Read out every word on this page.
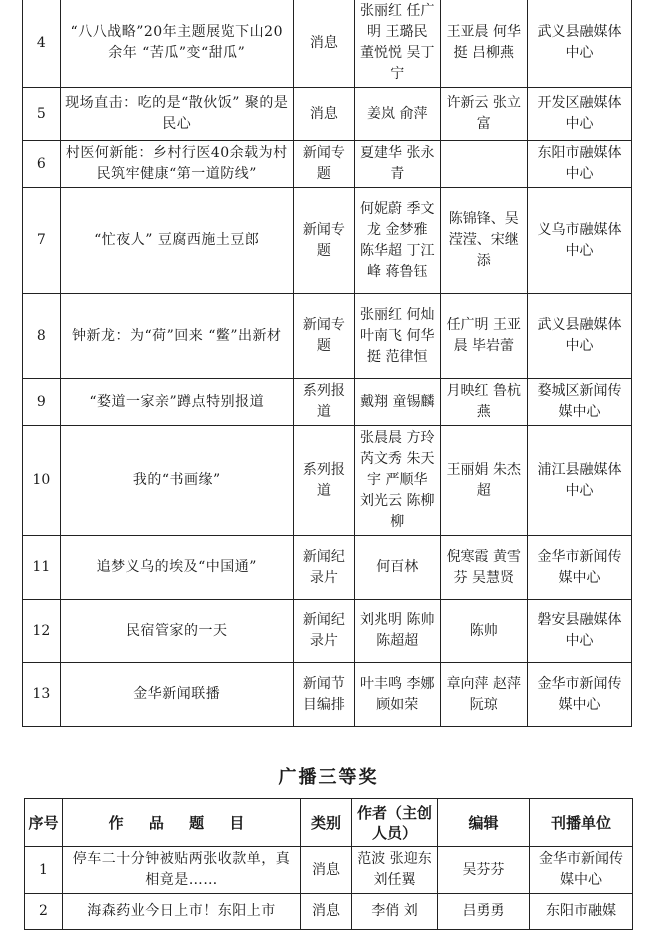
4	“八八战略”20年主题展览下山20余年 “苦瓜”变“甜瓜”	消息	张丽红 任广明 王璐民 董悦悦 吴丁宁	王亚晨 何华挺 吕柳燕	武义县融媒体中心
5	现场直击：吃的是“散伙饭” 聚的是民心	消息	姜岚 俞萍	许新云 张立富	开发区融媒体中心
6	村医何新能：乡村行医40余载为村民筑牢健康“第一道防线”	新闻专题	夏建华 张永青		东阳市融媒体中心
7	“忙夜人” 豆腐西施土豆郎	新闻专题	何妮蔚 季文龙 金梦雅 陈华超 丁江峰 蒋鲁钰	陈锦锋、吴滢滢、宋继添	义乌市融媒体中心
8	钟新龙：为“荷”回来 “鳖”出新材	新闻专题	张丽红 何灿 叶南飞 何华挺 范律恒	任广明 王亚晨 毕岩蕾	武义县融媒体中心
9	“婺道一家亲”蹲点特别报道	系列报道	戴翔 童锡麟	月映红 鲁杭燕	婺城区新闻传媒中心
10	我的“书画缘”	系列报道	张晨晨 方玲 芮文秀 朱天宇 严顺华 刘光云 陈柳柳	王丽娟 朱杰超	浦江县融媒体中心
11	追梦义乌的埃及“中国通”	新闻纪录片	何百林	倪寒霞 黄雪芬 吴慧贤	金华市新闻传媒中心
12	民宿管家的一天	新闻纪录片	刘兆明 陈帅 陈超超	陈帅	磐安县融媒体中心
13	金华新闻联播	新闻节目编排	叶丰鸣 李娜 顾如荣	章向萍 赵萍 阮琼	金华市新闻传媒中心
广播三等奖
序号	作 品 题 目	类别	作者（主创人员）	编辑	刊播单位
1	停车二十分钟被贴两张收款单，真相竟是……	消息	范波 张迎东 刘任翼	吴芬芬	金华市新闻传媒中心
2	海森药业今日上市！东阳上市	消息	李俏 刘	吕勇勇	东阳市融媒
